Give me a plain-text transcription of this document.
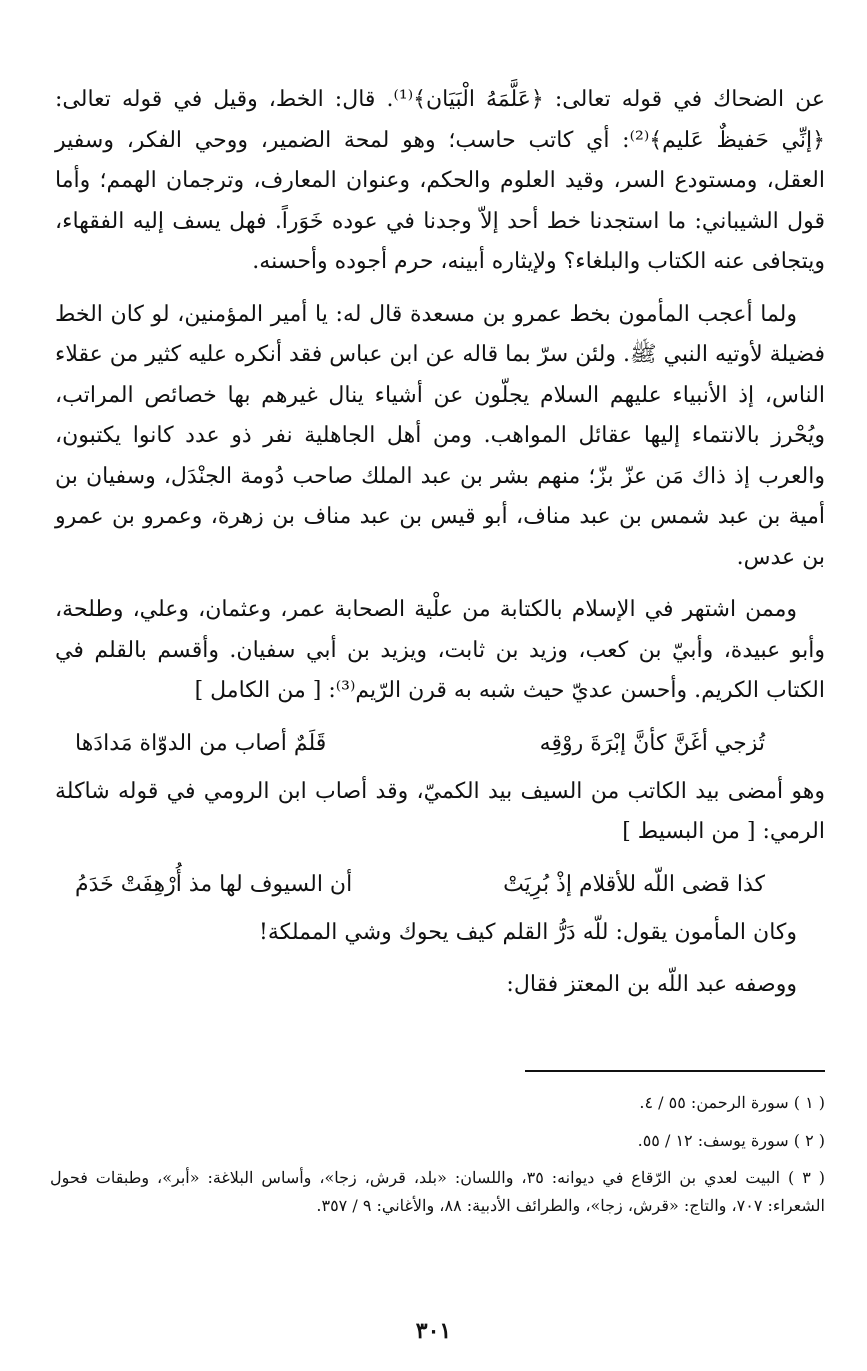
عن الضحاك في قوله تعالى: ﴿عَلَّمَهُ الْبَيَان﴾⁽¹⁾. قال: الخط، وقيل في قوله تعالى: ﴿إنِّي حَفيظٌ عَليم﴾⁽²⁾: أي كاتب حاسب؛ وهو لمحة الضمير، ووحي الفكر، وسفير العقل، ومستودع السر، وقيد العلوم والحكم، وعنوان المعارف، وترجمان الهمم؛ وأما قول الشيباني: ما استجدنا خط أحد إلاّ وجدنا في عوده خَوَراً. فهل يسف إليه الفقهاء، ويتجافى عنه الكتاب والبلغاء؟ ولإيثاره أبينه، حرم أجوده وأحسنه.

ولما أعجب المأمون بخط عمرو بن مسعدة قال له: يا أمير المؤمنين، لو كان الخط فضيلة لأوتيه النبي ﷺ. ولئن سرّ بما قاله عن ابن عباس فقد أنكره عليه كثير من عقلاء الناس، إذ الأنبياء عليهم السلام يجلّون عن أشياء ينال غيرهم بها خصائص المراتب، ويُحْرز بالانتماء إليها عقائل المواهب. ومن أهل الجاهلية نفر ذو عدد كانوا يكتبون، والعرب إذ ذاك مَن عزّ بزّ؛ منهم بشر بن عبد الملك صاحب دُومة الجنْدَل، وسفيان بن أمية بن عبد شمس بن عبد مناف، أبو قيس بن عبد مناف بن زهرة، وعمرو بن عمرو بن عدس.

وممن اشتهر في الإسلام بالكتابة من علْية الصحابة عمر، وعثمان، وعلي، وطلحة، وأبو عبيدة، وأبيّ بن كعب، وزيد بن ثابت، ويزيد بن أبي سفيان. وأقسم بالقلم في الكتاب الكريم. وأحسن عديّ حيث شبه به قرن الرّيم⁽³⁾: [ من الكامل ]

تُزجي أغَنَّ كأنَّ إبْرَةَ روْقِه
قَلَمٌ أصاب من الدوّاة مَدادَها

وهو أمضى بيد الكاتب من السيف بيد الكميّ، وقد أصاب ابن الرومي في قوله شاكلة الرمي: [ من البسيط ]

كذا قضى اللّه للأقلام إذْ بُرِيَتْ
أن السيوف لها مذ أُرْهِفَتْ خَدَمُ

وكان المأمون يقول: للّه دَرُّ القلم كيف يحوك وشي المملكة!

ووصفه عبد اللّه بن المعتز فقال:

( ١ ) سورة الرحمن: ٥٥ / ٤.

( ٢ ) سورة يوسف: ١٢ / ٥٥.

( ٣ ) البيت لعدي بن الرّقاع في ديوانه: ٣٥، واللسان: «بلد، قرش، زجا»، وأساس البلاغة: «أبر»، وطبقات فحول الشعراء: ٧٠٧، والتاج: «قرش، زجا»، والطرائف الأدبية: ٨٨، والأغاني: ٩ / ٣٥٧.

٣٠١
